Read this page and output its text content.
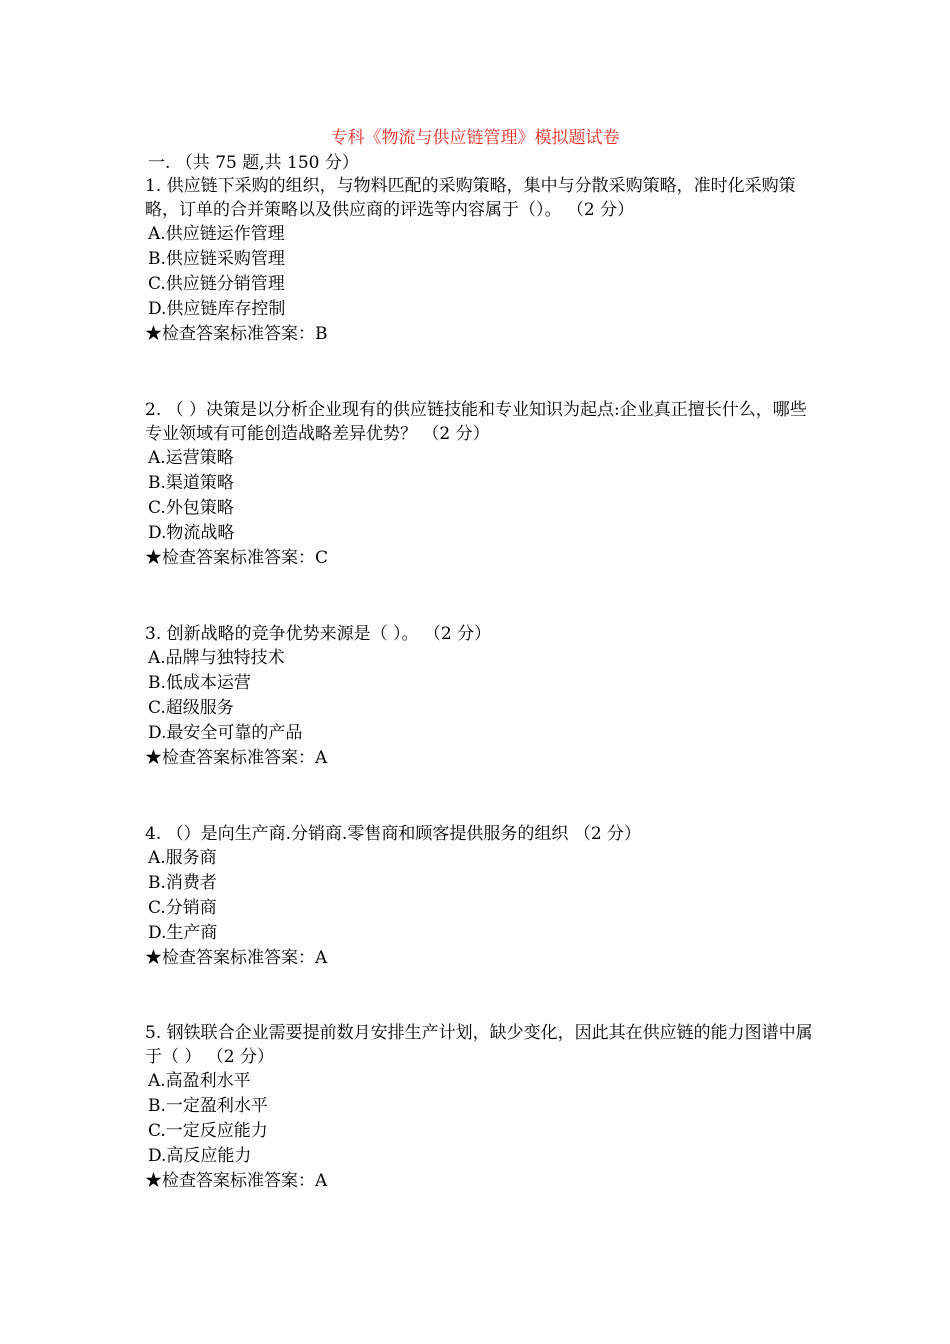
专科《物流与供应链管理》模拟题试卷
一. （共 75 题,共 150 分）

1. 供应链下采购的组织，与物料匹配的采购策略，集中与分散采购策略，准时化采购策略，订单的合并策略以及供应商的评选等内容属于（）。 （2 分）

A.供应链运作管理

B.供应链采购管理

C.供应链分销管理

D.供应链库存控制

★检查答案标准答案：B

2. （ ）决策是以分析企业现有的供应链技能和专业知识为起点:企业真正擅长什么，哪些专业领域有可能创造战略差异优势？ （2 分）

A.运营策略

B.渠道策略

C.外包策略

D.物流战略

★检查答案标准答案：C

3. 创新战略的竞争优势来源是（ ）。 （2 分）

A.品牌与独特技术

B.低成本运营

C.超级服务

D.最安全可靠的产品

★检查答案标准答案：A

4. （）是向生产商.分销商.零售商和顾客提供服务的组织 （2 分）

A.服务商

B.消费者

C.分销商

D.生产商

★检查答案标准答案：A

5. 钢铁联合企业需要提前数月安排生产计划，缺少变化，因此其在供应链的能力图谱中属于（ ） （2 分）

A.高盈利水平

B.一定盈利水平

C.一定反应能力

D.高反应能力

★检查答案标准答案：A
